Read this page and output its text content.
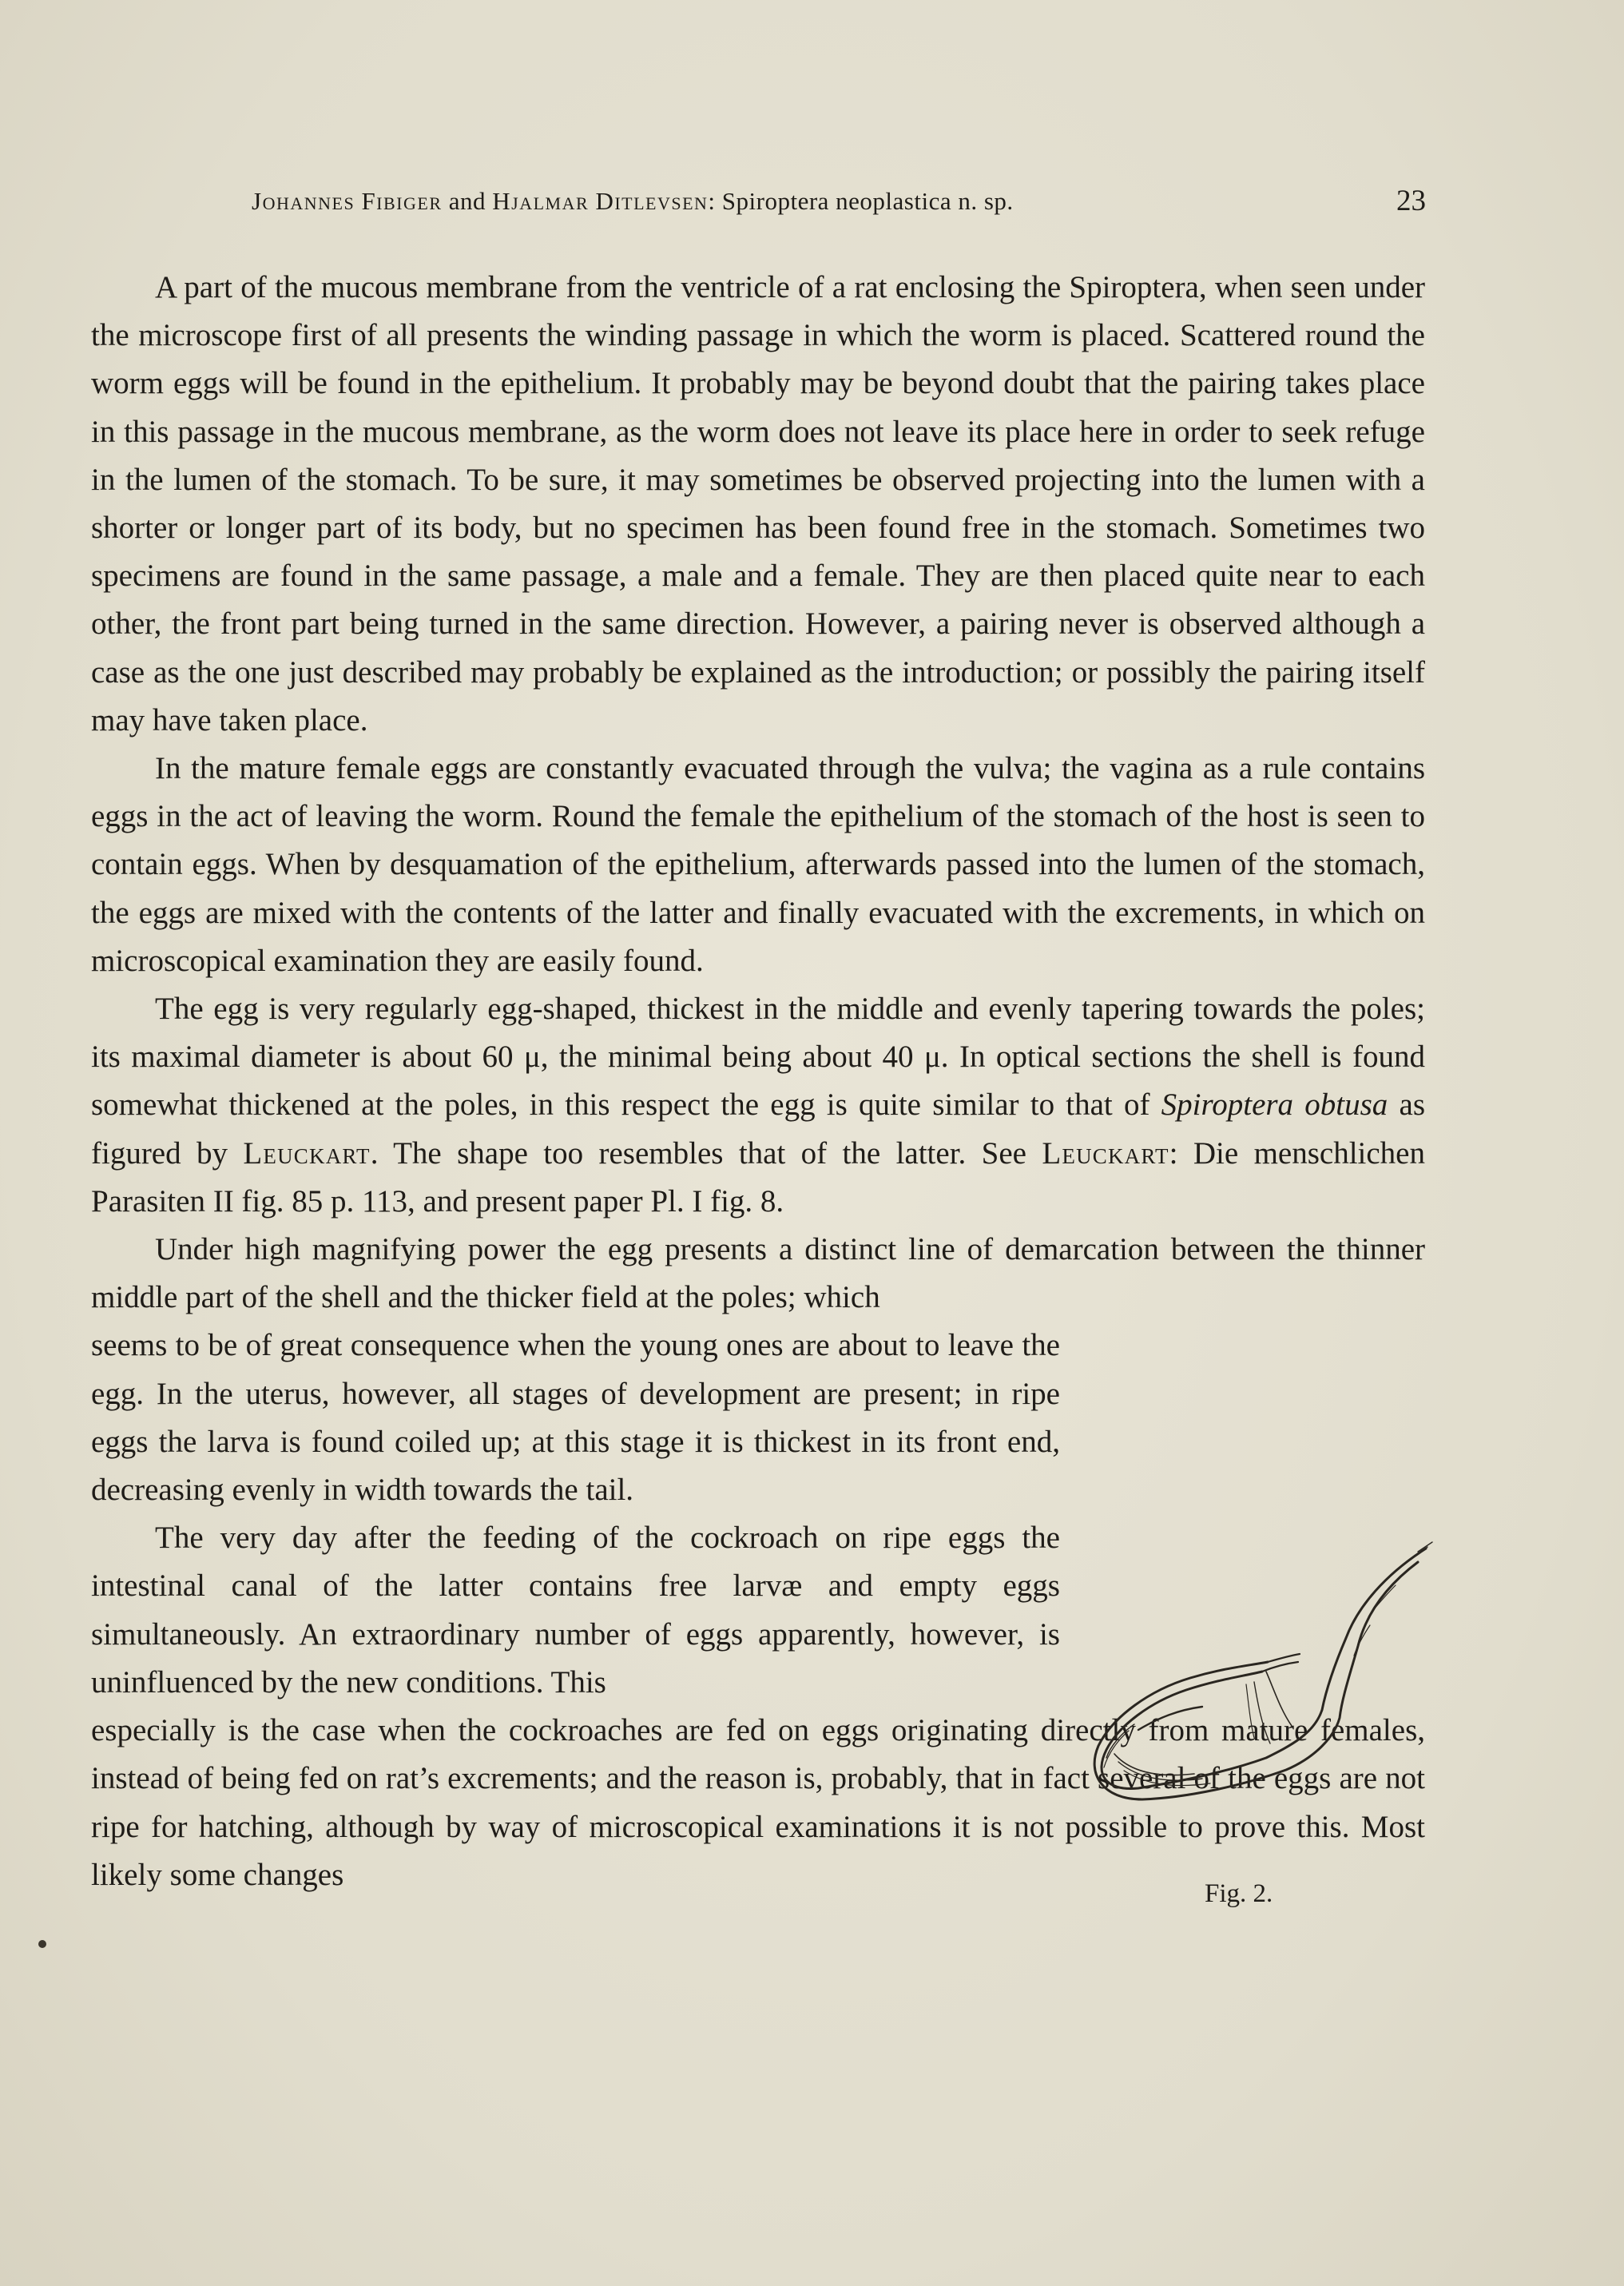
Johannes Fibiger and Hjalmar Ditlevsen: Spiroptera neoplastica n. sp.	23

A part of the mucous membrane from the ventricle of a rat enclosing the Spiroptera, when seen under the microscope first of all presents the winding passage in which the worm is placed. Scattered round the worm eggs will be found in the epithelium. It probably may be beyond doubt that the pairing takes place in this passage in the mucous membrane, as the worm does not leave its place here in order to seek refuge in the lumen of the stomach. To be sure, it may sometimes be observed projecting into the lumen with a shorter or longer part of its body, but no specimen has been found free in the stomach. Sometimes two specimens are found in the same passage, a male and a female. They are then placed quite near to each other, the front part being turned in the same direction. However, a pairing never is observed although a case as the one just described may probably be explained as the introduction; or possibly the pairing itself may have taken place.

In the mature female eggs are constantly evacuated through the vulva; the vagina as a rule contains eggs in the act of leaving the worm. Round the female the epithelium of the stomach of the host is seen to contain eggs. When by desquamation of the epithelium, afterwards passed into the lumen of the stomach, the eggs are mixed with the contents of the latter and finally evacuated with the excrements, in which on microscopical examination they are easily found.

The egg is very regularly egg-shaped, thickest in the middle and evenly tapering towards the poles; its maximal diameter is about 60 μ, the minimal being about 40 μ. In optical sections the shell is found somewhat thickened at the poles, in this respect the egg is quite similar to that of Spiroptera obtusa as figured by Leuckart. The shape too resembles that of the latter. See Leuckart: Die menschlichen Parasiten II fig. 85 p. 113, and present paper Pl. I fig. 8.

Under high magnifying power the egg presents a distinct line of demarcation between the thinner middle part of the shell and the thicker field at the poles; which

seems to be of great consequence when the young ones are about to leave the egg. In the uterus, however, all stages of development are present; in ripe eggs the larva is found coiled up; at this stage it is thickest in its front end, decreasing evenly in width towards the tail.

The very day after the feeding of the cockroach on ripe eggs the intestinal canal of the latter contains free larvæ and empty eggs simultaneously. An extraordinary number of eggs apparently, however, is uninfluenced by the new conditions. This

especially is the case when the cockroaches are fed on eggs originating directly from mature females, instead of being fed on rat’s excrements; and the reason is, probably, that in fact several of the eggs are not ripe for hatching, although by way of microscopical examinations it is not possible to prove this. Most likely some changes

Fig. 2.
